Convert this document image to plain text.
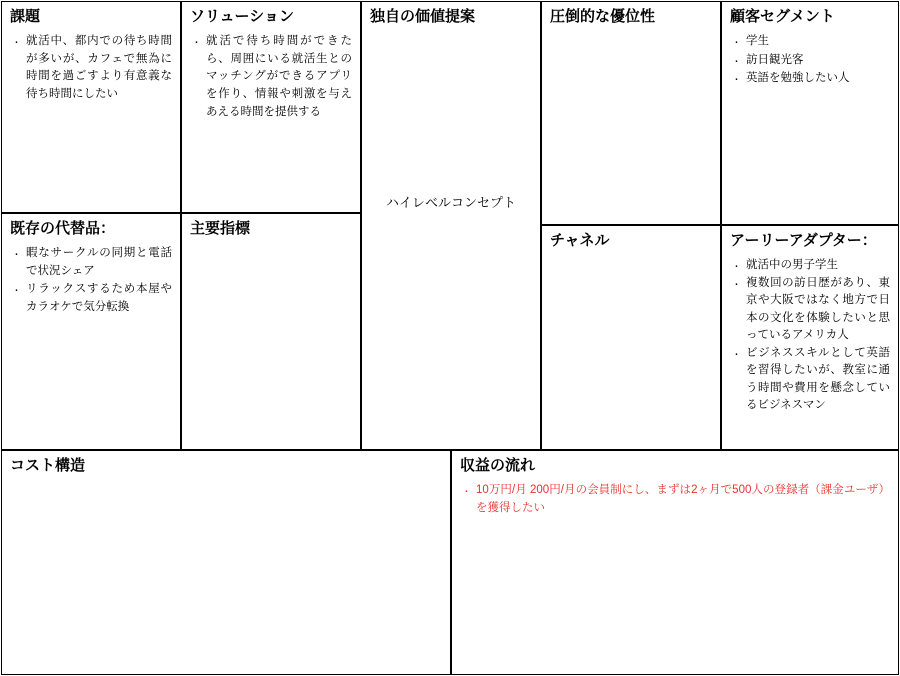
課題
· 就活中、都内での待ち時間が多いが、カフェで無為に時間を過ごすより有意義な待ち時間にしたい
既存の代替品：
· 暇なサークルの同期と電話で状況シェア
· リラックスするため本屋やカラオケで気分転換
ソリューション
· 就活で待ち時間ができたら、周囲にいる就活生とのマッチングができるアプリを作り、情報や刺激を与えあえる時間を提供する
主要指標
独自の価値提案
ハイレベルコンセプト
圧倒的な優位性
チャネル
顧客セグメント
· 学生
· 訪日観光客
· 英語を勉強したい人
アーリーアダプター：
· 就活中の男子学生
· 複数回の訪日歴があり、東京や大阪ではなく地方で日本の文化を体験したいと思っているアメリカ人
· ビジネススキルとして英語を習得したいが、教室に通う時間や費用を懸念しているビジネスマン
コスト構造	収益の流れ
· 10万円/月 200円/月の会員制にし、まずは2ヶ月で500人の登録者（課金ユーザ）を獲得したい
